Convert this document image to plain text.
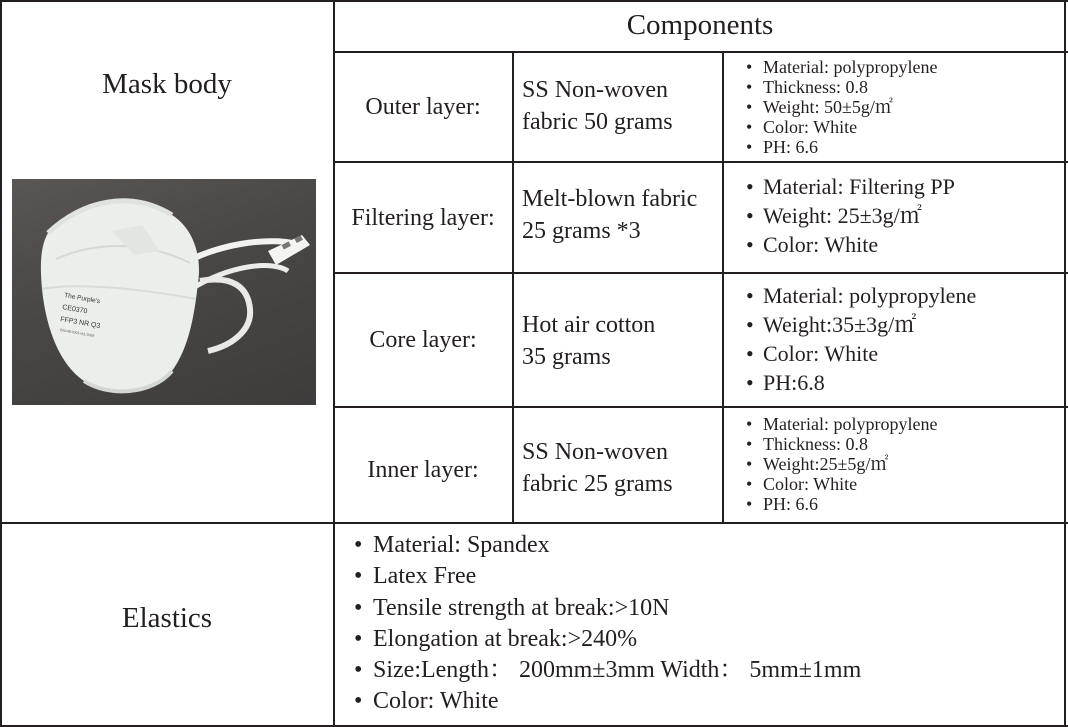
Mask body
Components
The Purple's
CE0370
FFP3 NR Q3
EN149:2001+A1:2009
Outer layer:
SS Non-woven
fabric 50 grams
• Material: polypropylene
• Thickness: 0.8
• Weight: 50±5g/㎡
• Color: White
• PH: 6.6
Filtering layer:
Melt-blown fabric
25 grams *3
• Material: Filtering PP
• Weight: 25±3g/㎡
• Color: White
Core layer:
Hot air cotton
35 grams
• Material: polypropylene
• Weight:35±3g/㎡
• Color: White
• PH:6.8
Inner layer:
SS Non-woven
fabric 25 grams
• Material: polypropylene
• Thickness: 0.8
• Weight:25±5g/㎡
• Color: White
• PH: 6.6
Elastics
• Material: Spandex
• Latex Free
• Tensile strength at break:>10N
• Elongation at break:>240%
• Size:Length： 200mm±3mm Width： 5mm±1mm
• Color: White
